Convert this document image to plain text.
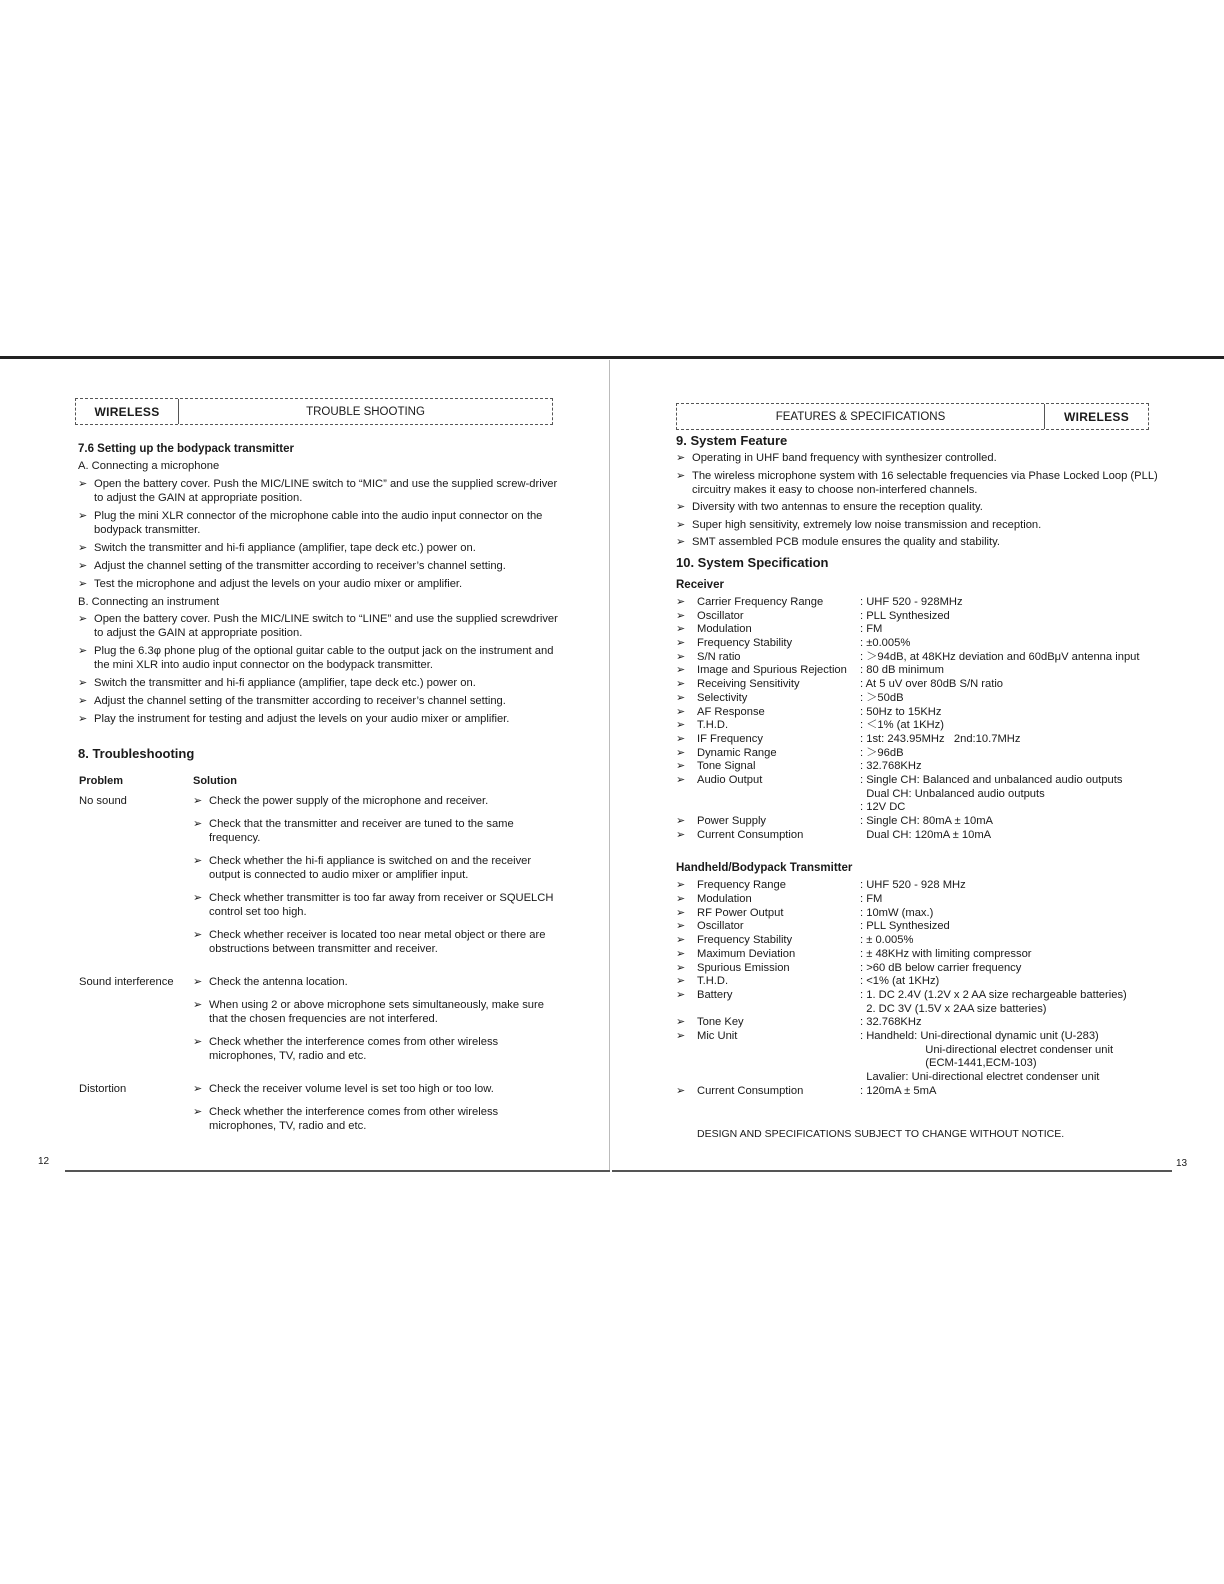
12	13
WIRELESS	TROUBLE SHOOTING
7.6 Setting up the bodypack transmitter
A. Connecting a microphone
➢ Open the battery cover. Push the MIC/LINE switch to “MIC” and use the supplied screw-driver to adjust the GAIN at appropriate position.
➢ Plug the mini XLR connector of the microphone cable into the audio input connector on the bodypack transmitter.
➢ Switch the transmitter and hi-fi appliance (amplifier, tape deck etc.) power on.
➢ Adjust the channel setting of the transmitter according to receiver’s channel setting.
➢ Test the microphone and adjust the levels on your audio mixer or amplifier.
B. Connecting an instrument
➢ Open the battery cover. Push the MIC/LINE switch to “LINE” and use the supplied screwdriver to adjust the GAIN at appropriate position.
➢ Plug the 6.3φ phone plug of the optional guitar cable to the output jack on the instrument and the mini XLR into audio input connector on the bodypack transmitter.
➢ Switch the transmitter and hi-fi appliance (amplifier, tape deck etc.) power on.
➢ Adjust the channel setting of the transmitter according to receiver’s channel setting.
➢ Play the instrument for testing and adjust the levels on your audio mixer or amplifier.
8. Troubleshooting
Problem	Solution
No sound	➢ Check the power supply of the microphone and receiver.
➢ Check that the transmitter and receiver are tuned to the same frequency.
➢ Check whether the hi-fi appliance is switched on and the receiver output is connected to audio mixer or amplifier input.
➢ Check whether transmitter is too far away from receiver or SQUELCH control set too high.
➢ Check whether receiver is located too near metal object or there are obstructions between transmitter and receiver.
Sound interference	➢ Check the antenna location.
➢ When using 2 or above microphone sets simultaneously, make sure that the chosen frequencies are not interfered.
➢ Check whether the interference comes from other wireless microphones, TV, radio and etc.
Distortion	➢ Check the receiver volume level is set too high or too low.
➢ Check whether the interference comes from other wireless microphones, TV, radio and etc.
FEATURES & SPECIFICATIONS	WIRELESS
9. System Feature
➢ Operating in UHF band frequency with synthesizer controlled.
➢ The wireless microphone system with 16 selectable frequencies via Phase Locked Loop (PLL) circuitry makes it easy to choose non-interfered channels.
➢ Diversity with two antennas to ensure the reception quality.
➢ Super high sensitivity, extremely low noise transmission and reception.
➢ SMT assembled PCB module ensures the quality and stability.
10. System Specification
Receiver
➢ Carrier Frequency Range	: UHF 520 - 928MHz
➢ Oscillator	: PLL Synthesized
➢ Modulation	: FM
➢ Frequency Stability	: ±0.005%
➢ S/N ratio	: ＞94dB, at 48KHz deviation and 60dBμV antenna input
➢ Image and Spurious Rejection : 80 dB minimum
➢ Receiving Sensitivity	: At 5 uV over 80dB S/N ratio
➢ Selectivity	: ＞50dB
➢ AF Response	: 50Hz to 15KHz
➢ T.H.D.	: ＜1% (at 1KHz)
➢ IF Frequency	: 1st: 243.95MHz   2nd:10.7MHz
➢ Dynamic Range	: ＞96dB
➢ Tone Signal	: 32.768KHz
➢ Audio Output	: Single CH: Balanced and unbalanced audio outputs
Dual CH: Unbalanced audio outputs
: 12V DC
➢ Power Supply	: Single CH: 80mA ± 10mA
➢ Current Consumption	Dual CH: 120mA ± 10mA
Handheld/Bodypack Transmitter
➢ Frequency Range	: UHF 520 - 928 MHz
➢ Modulation	: FM
➢ RF Power Output	: 10mW (max.)
➢ Oscillator	: PLL Synthesized
➢ Frequency Stability	: ± 0.005%
➢ Maximum Deviation	: ± 48KHz with limiting compressor
➢ Spurious Emission	: >60 dB below carrier frequency
➢ T.H.D.	: <1% (at 1KHz)
➢ Battery	: 1. DC 2.4V (1.2V x 2 AA size rechargeable batteries)
2. DC 3V (1.5V x 2AA size batteries)
➢ Tone Key	: 32.768KHz
➢ Mic Unit	: Handheld: Uni-directional dynamic unit (U-283)
Uni-directional electret condenser unit
(ECM-1441,ECM-103)
Lavalier: Uni-directional electret condenser unit
➢ Current Consumption	: 120mA ± 5mA
DESIGN AND SPECIFICATIONS SUBJECT TO CHANGE WITHOUT NOTICE.
